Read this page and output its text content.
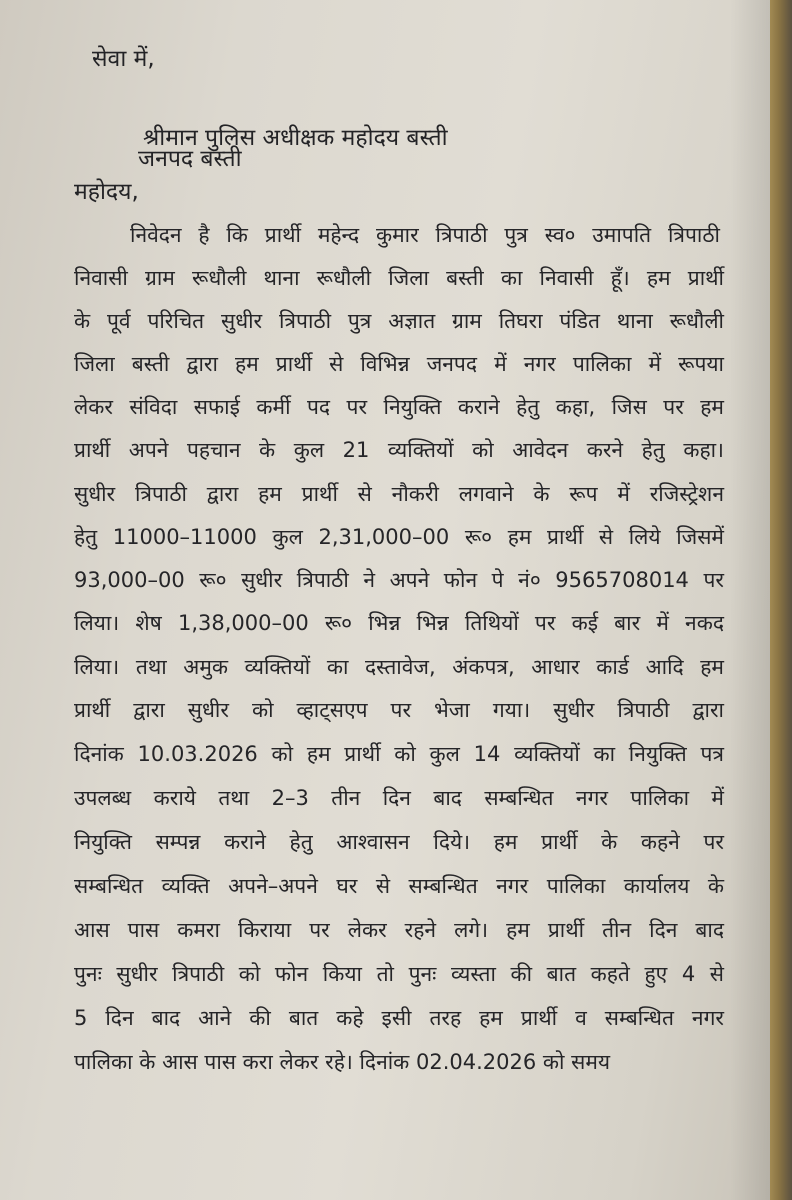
सेवा में,
श्रीमान पुलिस अधीक्षक महोदय बस्ती
जनपद बस्ती
महोदय,
निवेदन है कि प्रार्थी महेन्द कुमार त्रिपाठी पुत्र स्व० उमापति त्रिपाठी
निवासी ग्राम रूधौली थाना रूधौली जिला बस्ती का निवासी हूँ। हम प्रार्थी
के पूर्व परिचित सुधीर त्रिपाठी पुत्र अज्ञात ग्राम तिघरा पंडित थाना रूधौली
जिला बस्ती द्वारा हम प्रार्थी से विभिन्न जनपद में नगर पालिका में रूपया
लेकर संविदा सफाई कर्मी पद पर नियुक्ति कराने हेतु कहा, जिस पर हम
प्रार्थी अपने पहचान के कुल 21 व्यक्तियों को आवेदन करने हेतु कहा।
सुधीर त्रिपाठी द्वारा हम प्रार्थी से नौकरी लगवाने के रूप में रजिस्ट्रेशन
हेतु 11000–11000 कुल 2,31,000–00 रू० हम प्रार्थी से लिये जिसमें
93,000–00 रू० सुधीर त्रिपाठी ने अपने फोन पे नं० 9565708014 पर
लिया। शेष 1,38,000–00 रू० भिन्न भिन्न तिथियों पर कई बार में नकद
लिया। तथा अमुक व्यक्तियों का दस्तावेज, अंकपत्र, आधार कार्ड आदि हम
प्रार्थी द्वारा सुधीर को व्हाट्सएप पर भेजा गया। सुधीर त्रिपाठी द्वारा
दिनांक 10.03.2026 को हम प्रार्थी को कुल 14 व्यक्तियों का नियुक्ति पत्र
उपलब्ध कराये तथा 2–3 तीन दिन बाद सम्बन्धित नगर पालिका में
नियुक्ति सम्पन्न कराने हेतु आश्वासन दिये। हम प्रार्थी के कहने पर
सम्बन्धित व्यक्ति अपने–अपने घर से सम्बन्धित नगर पालिका कार्यालय के
आस पास कमरा किराया पर लेकर रहने लगे। हम प्रार्थी तीन दिन बाद
पुनः सुधीर त्रिपाठी को फोन किया तो पुनः व्यस्ता की बात कहते हुए 4 से
5 दिन बाद आने की बात कहे इसी तरह हम प्रार्थी व सम्बन्धित नगर
पालिका के आस पास करा लेकर रहे। दिनांक 02.04.2026 को समय
